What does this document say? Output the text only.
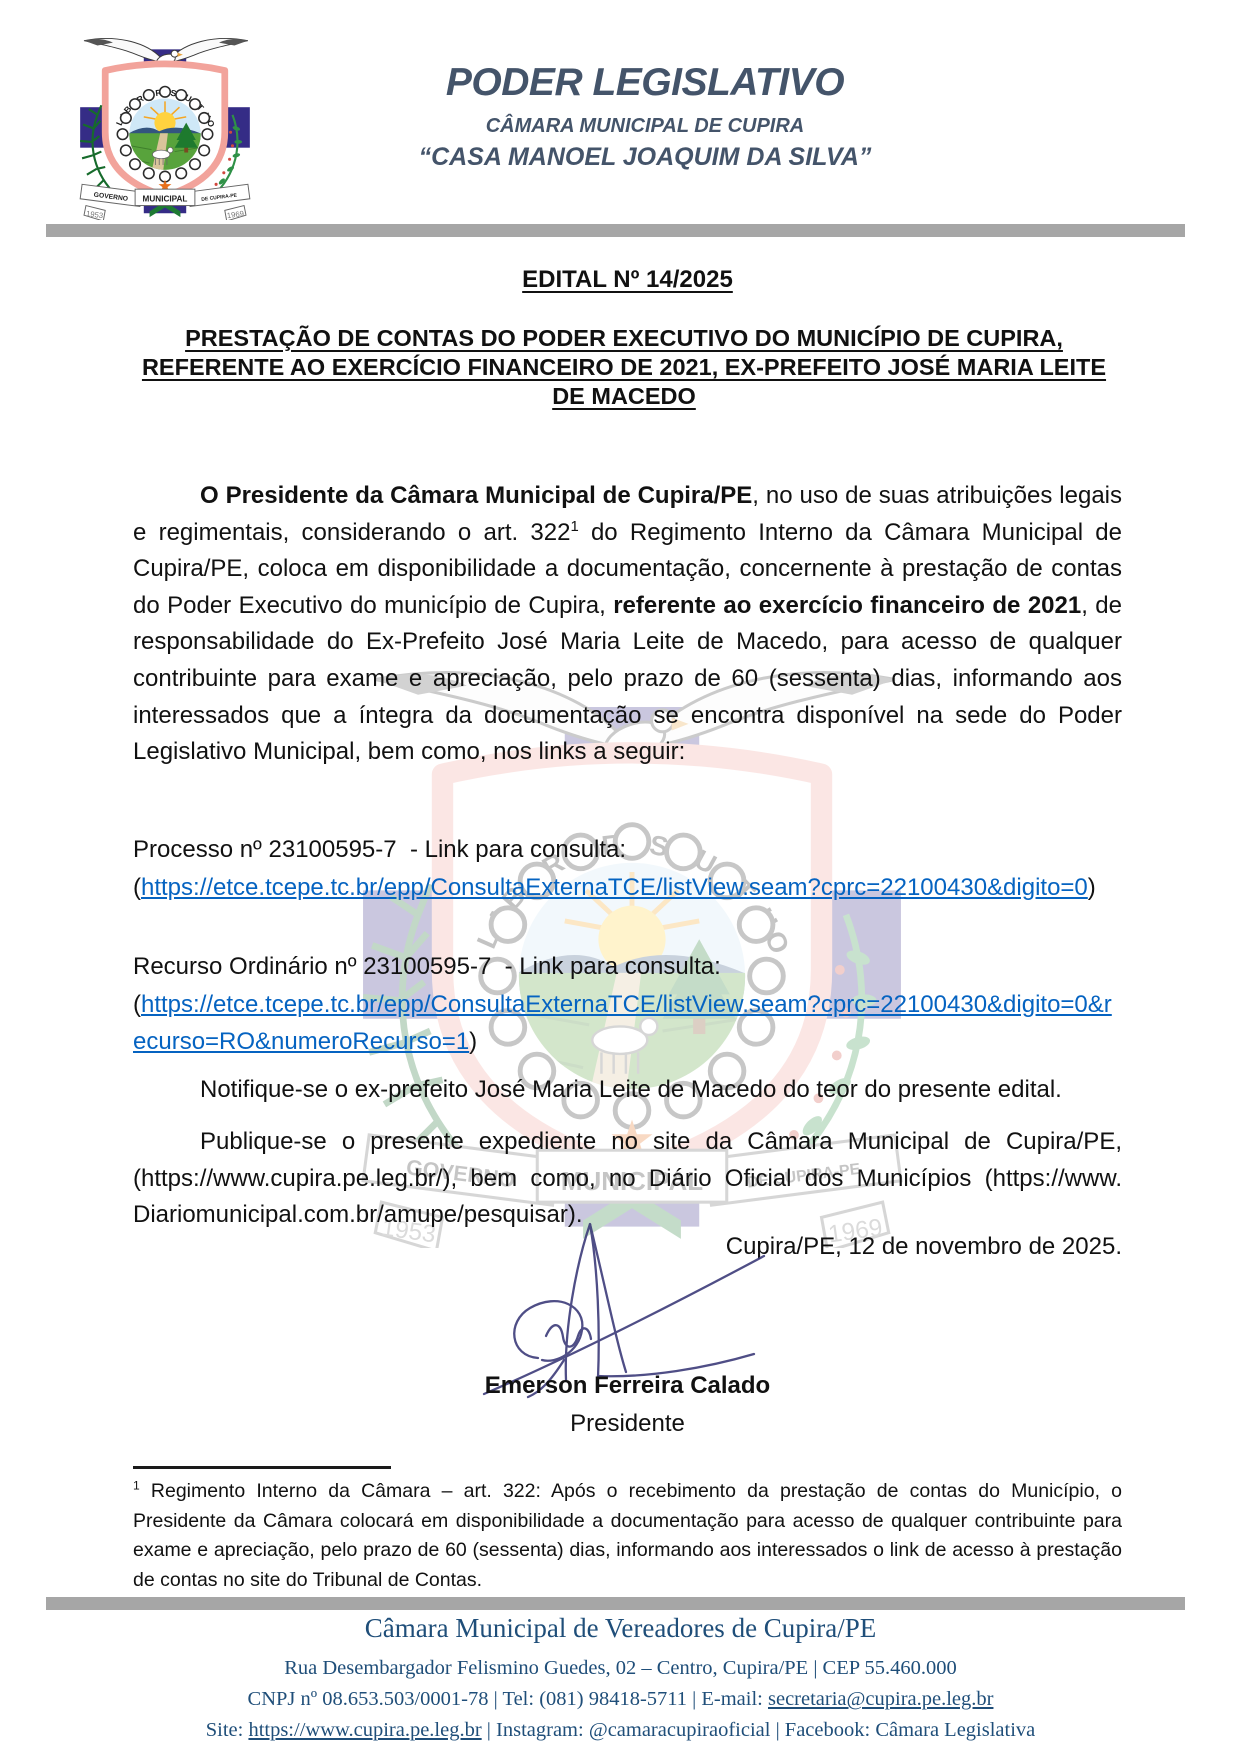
PODER LEGISLATIVO
CÂMARA MUNICIPAL DE CUPIRA
“CASA MANOEL JOAQUIM DA SILVA”
EDITAL Nº 14/2025
PRESTAÇÃO DE CONTAS DO PODER EXECUTIVO DO MUNICÍPIO DE CUPIRA, REFERENTE AO EXERCÍCIO FINANCEIRO DE 2021, EX-PREFEITO JOSÉ MARIA LEITE DE MACEDO
O Presidente da Câmara Municipal de Cupira/PE, no uso de suas atribuições legais e regimentais, considerando o art. $322^1$ do Regimento Interno da Câmara Municipal de Cupira/PE, coloca em disponibilidade a documentação, concernente à prestação de contas do Poder Executivo do município de Cupira, referente ao exercício financeiro de 2021, de responsabilidade do Ex-Prefeito José Maria Leite de Macedo, para acesso de qualquer contribuinte para exame e apreciação, pelo prazo de 60 (sessenta) dias, informando aos interessados que a íntegra da documentação se encontra disponível na sede do Poder Legislativo Municipal, bem como, nos links a seguir:
Processo nº 23100595-7  - Link para consulta:
(https://etce.tcepe.tc.br/epp/ConsultaExternaTCE/listView.seam?cprc=22100430&digito=0)
Recurso Ordinário nº 23100595-7  - Link para consulta:
(https://etce.tcepe.tc.br/epp/ConsultaExternaTCE/listView.seam?cprc=22100430&digito=0&recurso=RO&numeroRecurso=1)
Notifique-se o ex-prefeito José Maria Leite de Macedo do teor do presente edital.
Publique-se o presente expediente no site da Câmara Municipal de Cupira/PE, (https://www.cupira.pe.leg.br/), bem como, no Diário Oficial dos Municípios (https://www. Diariomunicipal.com.br/amupe/pesquisar).
Cupira/PE, 12 de novembro de 2025.
Emerson Ferreira Calado
Presidente
$^1$ Regimento Interno da Câmara – art. 322: Após o recebimento da prestação de contas do Município, o Presidente da Câmara colocará em disponibilidade a documentação para acesso de qualquer contribuinte para exame e apreciação, pelo prazo de 60 (sessenta) dias, informando aos interessados o link de acesso à prestação de contas no site do Tribunal de Contas.
Câmara Municipal de Vereadores de Cupira/PE
Rua Desembargador Felismino Guedes, 02 – Centro, Cupira/PE | CEP 55.460.000
CNPJ nº 08.653.503/0001-78 | Tel: (081) 98418-5711 | E-mail: secretaria@cupira.pe.leg.br
Site: https://www.cupira.pe.leg.br | Instagram: @camaracupiraoficial | Facebook: Câmara Legislativa
